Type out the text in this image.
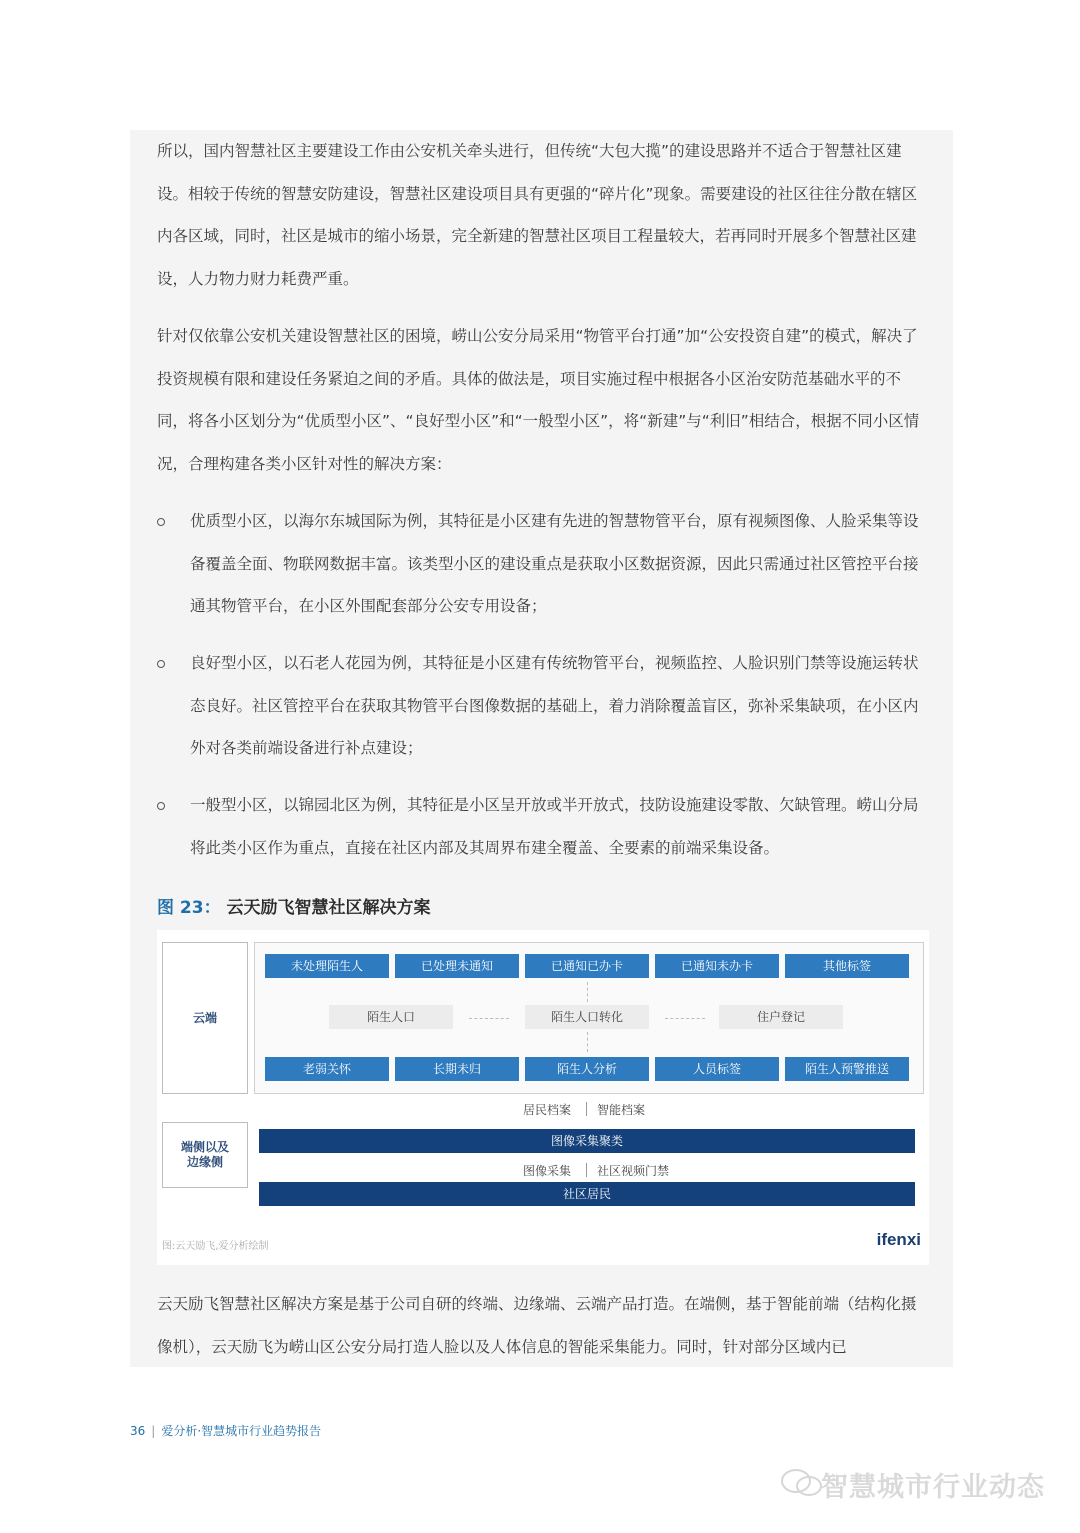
所以，国内智慧社区主要建设工作由公安机关牵头进行，但传统“大包大揽”的建设思路并不适合于智慧社区建设。相较于传统的智慧安防建设，智慧社区建设项目具有更强的“碎片化”现象。需要建设的社区往往分散在辖区内各区域，同时，社区是城市的缩小场景，完全新建的智慧社区项目工程量较大，若再同时开展多个智慧社区建设，人力物力财力耗费严重。

针对仅依靠公安机关建设智慧社区的困境，崂山公安分局采用“物管平台打通”加“公安投资自建”的模式，解决了投资规模有限和建设任务紧迫之间的矛盾。具体的做法是，项目实施过程中根据各小区治安防范基础水平的不同，将各小区划分为“优质型小区”、“良好型小区”和“一般型小区”，将“新建”与“利旧”相结合，根据不同小区情况，合理构建各类小区针对性的解决方案：

优质型小区，以海尔东城国际为例，其特征是小区建有先进的智慧物管平台，原有视频图像、人脸采集等设备覆盖全面、物联网数据丰富。该类型小区的建设重点是获取小区数据资源，因此只需通过社区管控平台接通其物管平台，在小区外围配套部分公安专用设备；

良好型小区，以石老人花园为例，其特征是小区建有传统物管平台，视频监控、人脸识别门禁等设施运转状态良好。社区管控平台在获取其物管平台图像数据的基础上，着力消除覆盖盲区，弥补采集缺项，在小区内外对各类前端设备进行补点建设；

一般型小区，以锦园北区为例，其特征是小区呈开放或半开放式，技防设施建设零散、欠缺管理。崂山分局将此类小区作为重点，直接在社区内部及其周界布建全覆盖、全要素的前端采集设备。

图 23： 云天励飞智慧社区解决方案
云端
未处理陌生人	已处理未通知	已通知已办卡	已通知未办卡	其他标签
陌生人口	陌生人口转化	住户登记
老弱关怀	长期未归	陌生人分析	人员标签	陌生人预警推送
居民档案 智能档案
端侧以及
边缘侧
图像采集聚类
图像采集 社区视频门禁
社区居民
图:云天励飞,爱分析绘制	ifenxi

云天励飞智慧社区解决方案是基于公司自研的终端、边缘端、云端产品打造。在端侧，基于智能前端（结构化摄像机），云天励飞为崂山区公安分局打造人脸以及人体信息的智能采集能力。同时，针对部分区域内已

36 | 爱分析·智慧城市行业趋势报告
智慧城市行业动态
